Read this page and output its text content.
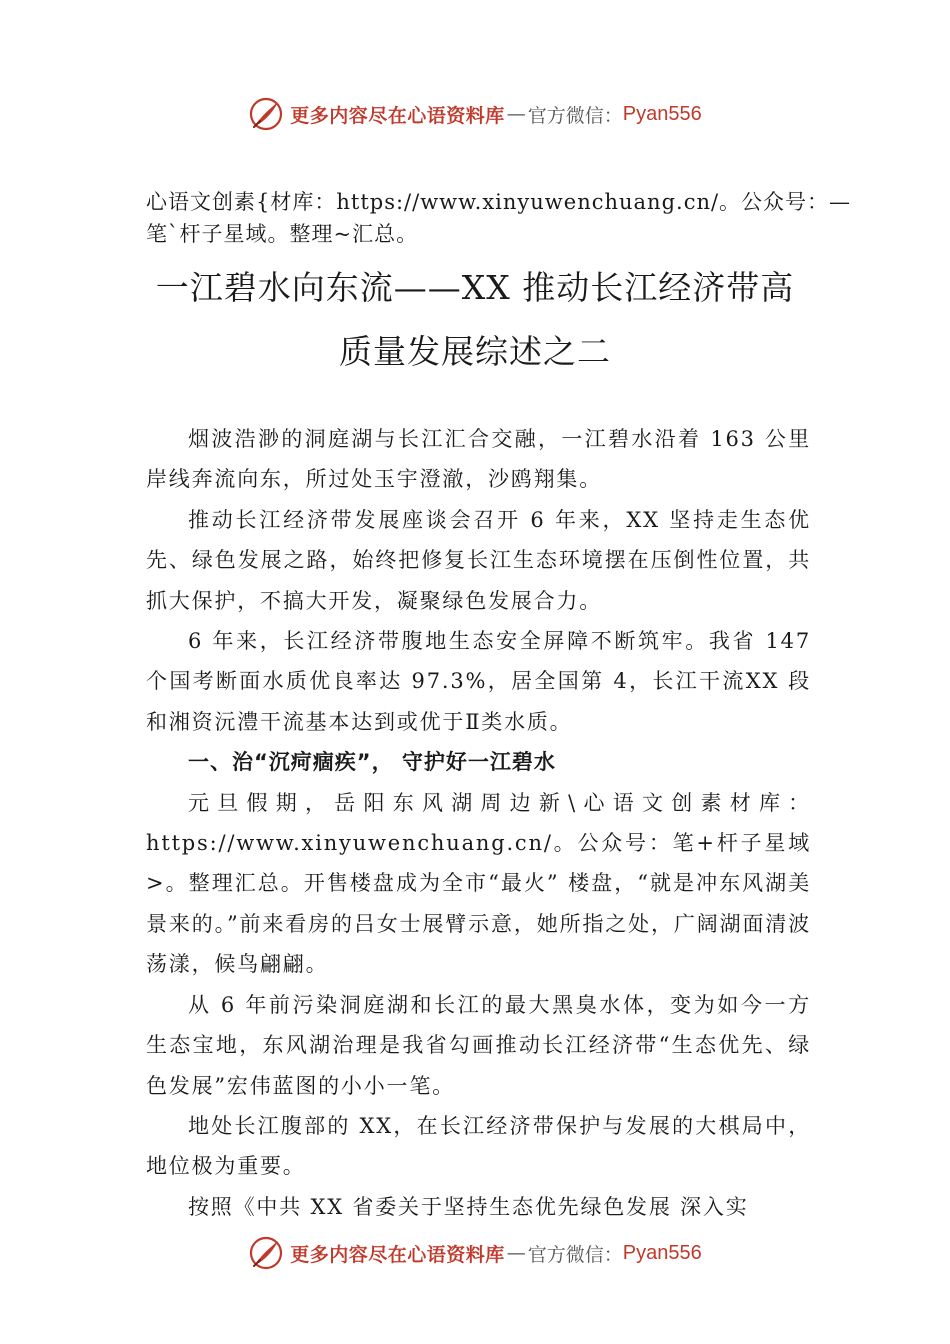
更多内容尽在心语资料库 — 官方微信： Pyan556
心语文创素{材库：https://www.xinyuwenchuang.cn/。公众号：—笔`杆子星域。整理~汇总。
一江碧水向东流——XX 推动长江经济带高
质量发展综述之二

烟波浩渺的洞庭湖与长江汇合交融，一江碧水沿着 163 公里岸线奔流向东，所过处玉宇澄澈，沙鸥翔集。

推动长江经济带发展座谈会召开 6 年来，XX 坚持走生态优先、绿色发展之路，始终把修复长江生态环境摆在压倒性位置，共抓大保护，不搞大开发，凝聚绿色发展合力。

6 年来，长江经济带腹地生态安全屏障不断筑牢。我省 147 个国考断面水质优良率达 97.3%，居全国第 4，长江干流XX 段和湘资沅澧干流基本达到或优于Ⅱ类水质。

一、治“沉疴痼疾”， 守护好一江碧水

元旦假期，岳阳东风湖周边新\心语文创素材库：https://www.xinyuwenchuang.cn/。公众号：笔+杆子星域>。整理汇总。开售楼盘成为全市“最火” 楼盘，“就是冲东风湖美景来的。”前来看房的吕女士展臂示意，她所指之处，广阔湖面清波荡漾，候鸟翩翩。

从 6 年前污染洞庭湖和长江的最大黑臭水体，变为如今一方生态宝地，东风湖治理是我省勾画推动长江经济带“生态优先、绿色发展”宏伟蓝图的小小一笔。

地处长江腹部的 XX，在长江经济带保护与发展的大棋局中，地位极为重要。

按照《中共 XX 省委关于坚持生态优先绿色发展 深入实

更多内容尽在心语资料库 — 官方微信： Pyan556
